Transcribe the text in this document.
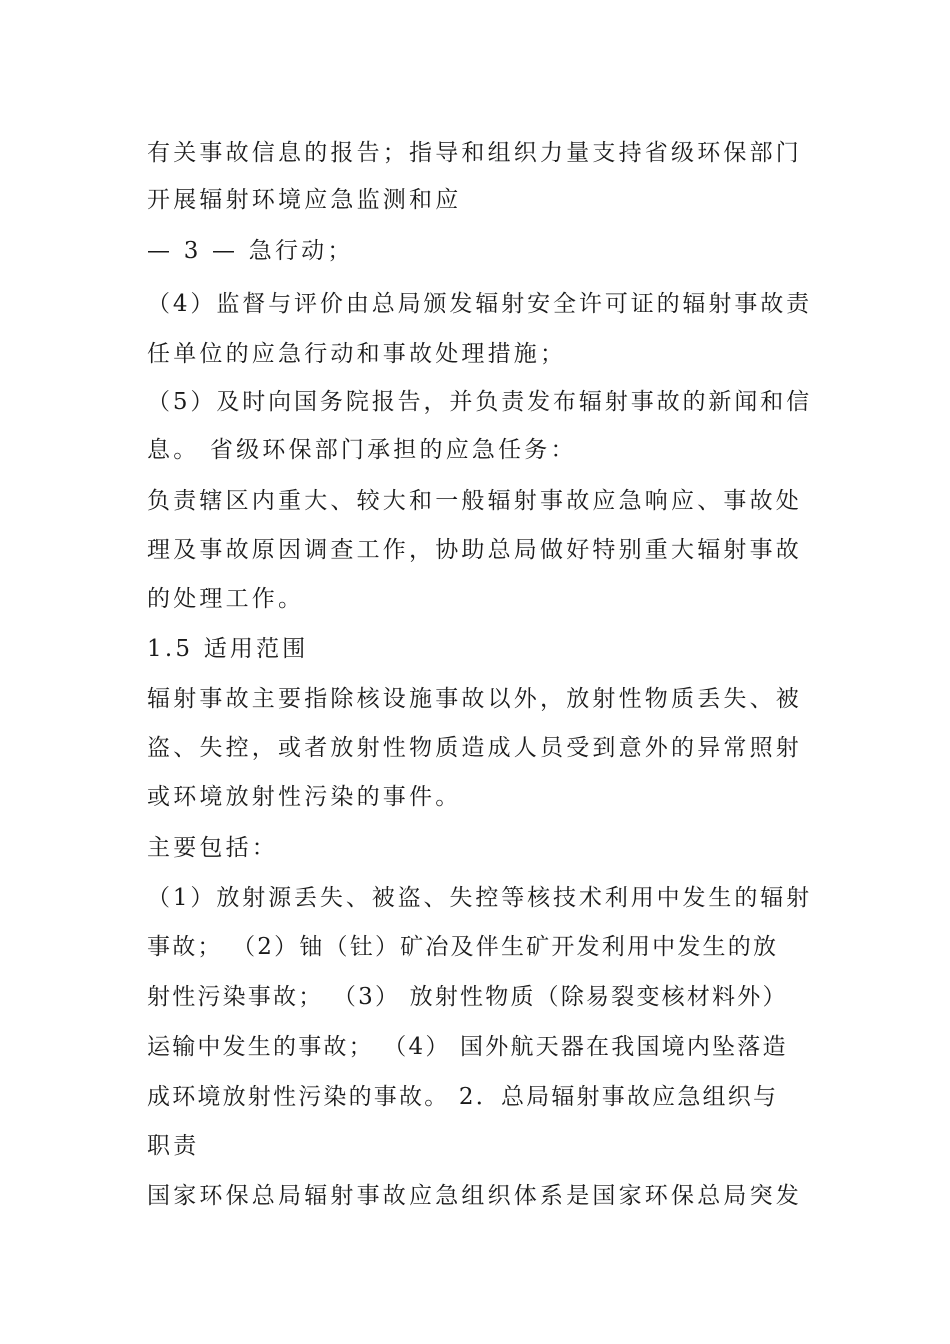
有关事故信息的报告；指导和组织力量支持省级环保部门
开展辐射环境应急监测和应
— 3 — 急行动；
（4）监督与评价由总局颁发辐射安全许可证的辐射事故责
任单位的应急行动和事故处理措施；
（5）及时向国务院报告，并负责发布辐射事故的新闻和信
息。 省级环保部门承担的应急任务：
负责辖区内重大、较大和一般辐射事故应急响应、事故处
理及事故原因调查工作，协助总局做好特别重大辐射事故
的处理工作。
1.5 适用范围
辐射事故主要指除核设施事故以外，放射性物质丢失、被
盗、失控，或者放射性物质造成人员受到意外的异常照射
或环境放射性污染的事件。
主要包括：
（1）放射源丢失、被盗、失控等核技术利用中发生的辐射
事故； （2）铀（钍）矿冶及伴生矿开发利用中发生的放
射性污染事故； （3） 放射性物质（除易裂变核材料外）
运输中发生的事故； （4） 国外航天器在我国境内坠落造
成环境放射性污染的事故。 2．总局辐射事故应急组织与
职责
国家环保总局辐射事故应急组织体系是国家环保总局突发
